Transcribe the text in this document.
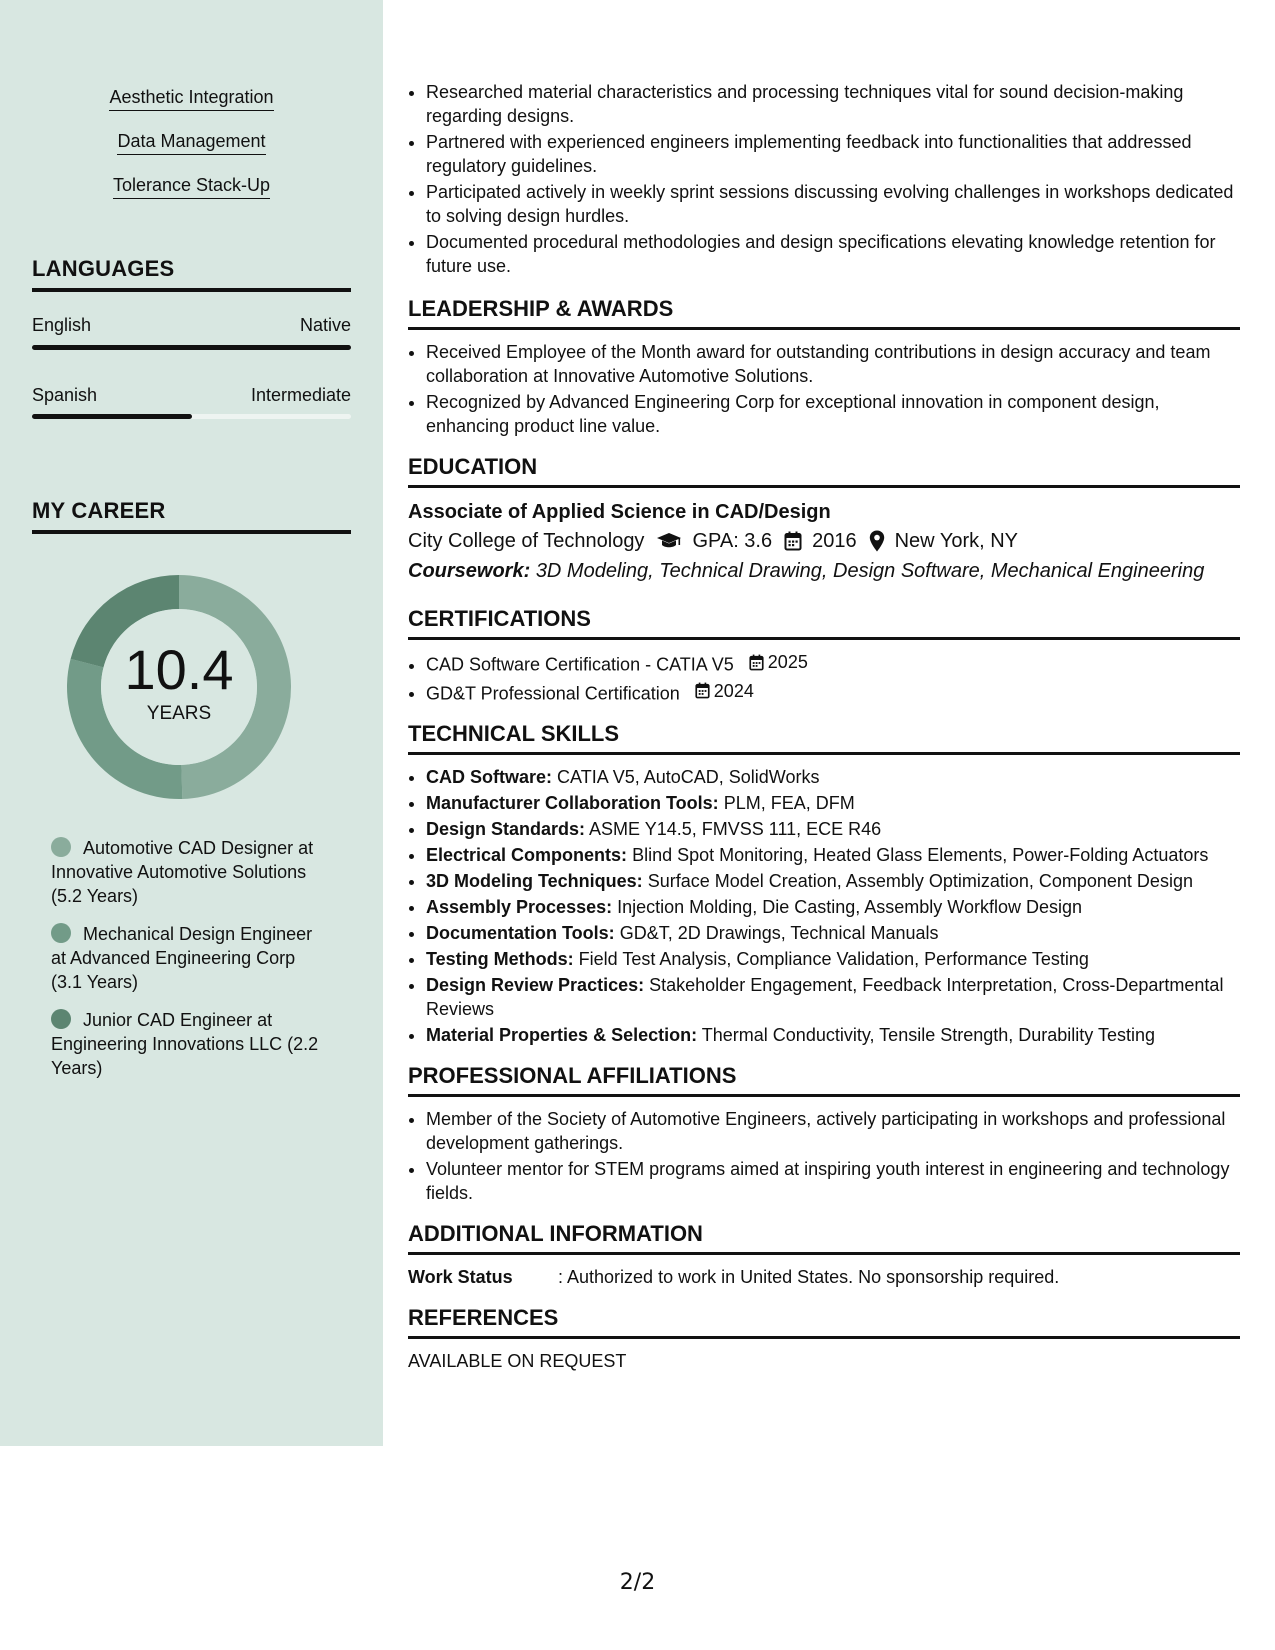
Aesthetic Integration
Data Management
Tolerance Stack-Up
LANGUAGES
English	Native
Spanish	Intermediate
MY CAREER
10.4
YEARS
Automotive CAD Designer at Innovative Automotive Solutions (5.2 Years)
Mechanical Design Engineer at Advanced Engineering Corp (3.1 Years)
Junior CAD Engineer at Engineering Innovations LLC (2.2 Years)
• Researched material characteristics and processing techniques vital for sound decision-making regarding designs.
• Partnered with experienced engineers implementing feedback into functionalities that addressed regulatory guidelines.
• Participated actively in weekly sprint sessions discussing evolving challenges in workshops dedicated to solving design hurdles.
• Documented procedural methodologies and design specifications elevating knowledge retention for future use.
LEADERSHIP & AWARDS
• Received Employee of the Month award for outstanding contributions in design accuracy and team collaboration at Innovative Automotive Solutions.
• Recognized by Advanced Engineering Corp for exceptional innovation in component design, enhancing product line value.
EDUCATION
Associate of Applied Science in CAD/Design
City College of Technology GPA: 3.6 2016 New York, NY
Coursework: 3D Modeling, Technical Drawing, Design Software, Mechanical Engineering
CERTIFICATIONS
• CAD Software Certification - CATIA V5 2025
• GD&T Professional Certification 2024
TECHNICAL SKILLS
• CAD Software: CATIA V5, AutoCAD, SolidWorks
• Manufacturer Collaboration Tools: PLM, FEA, DFM
• Design Standards: ASME Y14.5, FMVSS 111, ECE R46
• Electrical Components: Blind Spot Monitoring, Heated Glass Elements, Power-Folding Actuators
• 3D Modeling Techniques: Surface Model Creation, Assembly Optimization, Component Design
• Assembly Processes: Injection Molding, Die Casting, Assembly Workflow Design
• Documentation Tools: GD&T, 2D Drawings, Technical Manuals
• Testing Methods: Field Test Analysis, Compliance Validation, Performance Testing
• Design Review Practices: Stakeholder Engagement, Feedback Interpretation, Cross-Departmental Reviews
• Material Properties & Selection: Thermal Conductivity, Tensile Strength, Durability Testing
PROFESSIONAL AFFILIATIONS
• Member of the Society of Automotive Engineers, actively participating in workshops and professional development gatherings.
• Volunteer mentor for STEM programs aimed at inspiring youth interest in engineering and technology fields.
ADDITIONAL INFORMATION
Work Status	: Authorized to work in United States. No sponsorship required.
REFERENCES
AVAILABLE ON REQUEST
2/2
